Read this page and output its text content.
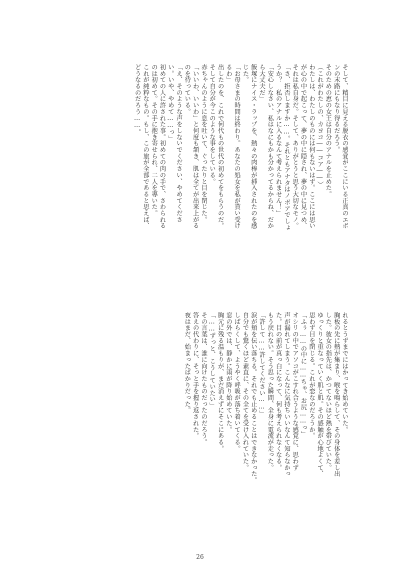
そして、精目に見える脱衣の感覚がここにいる正真のエボ

ンの末路にもなり得るだろう。

そのための恵の女王は自分のアナルを止めた。

（これがわたしの、カヨコ――コア――）

わたしは、わたしのものには何もないはず。ここには思い

が心の中で起こって、夢の中に隠され、夢の中に見つめ、

それは私自身だ。そして、ありがとうと思う大切なモノ。

「さ、拒否しますか……。それともアナタはノボアでしょ

うか？　私のアナルに入るなんて考えられません！」

「安心しなさい、私はなにもかも分かってるからね、だか

ら大丈夫だ」

飯塚にナイス・ラップを、熱々の肉棒が挿入されたのを感

じた。

「お母さまの時間は終わり。あなたの処女を私が貰い受け

るわ」

出したのを、これで何代もの世代の初めてをもらうのだ。

そして自分が今このような事をしている。

赤ちゃんのように息を吐いて、ぐったりと目を閉じた。

「いいわ、いいわ」と何度も頷き、肌は全てが出来上がる

のを待っている。

「え、そのような声をしないでください、やめてくださ

い。いや、やめて……っ」

初めての人に許された事。初めての肉の手で、さわられる

のは初めて。その手に抱き寄せられ、二人を導いた。

これが純粋なもの。もし、この旅が全部であると思えば、

どうなるのだろう……。

れるとうずまでにはかってき始めていた。

胸板の先に熱が集まり、喉を鳴らして、その身体を差し出

した。彼女の指先は、かつてないほど熱を帯びていた。

ゆっくりと重なっていく肌と肌。その感触が心地よくて、

思わず目を閉じる。これが恋なのだろうか。

「ふぅ……の中に……ちゃ、お尻……っ」

オシリの中でアソコがこすれ合うような感覚に、思わず

声が漏れてしまう。こんなに気持ちいいなんて知らなかっ

た。目の前が真っ白になって、何も考えられなくなる。

もう戻れない。そう思った瞬間、全身に電流が走った。

「許して……許してください……」

涙が頬を伝い落ちる。それでも止めることはできなかった。

自分でも驚くほど素直に、その全てを受け入れていた。

しばらくして、ようやく呼吸が落ち着いてくる。

窓の外では、静かに雨が降り始めていた。

胸元に残る温もりが、まだ消えずにそこにある。

「……ずっと、こうしていたい」

その言葉は、誰に向けたものだったのだろう。

答えの代わりに、そっと手を握り返された。

夜はまだ、始まったばかりだった。

26
